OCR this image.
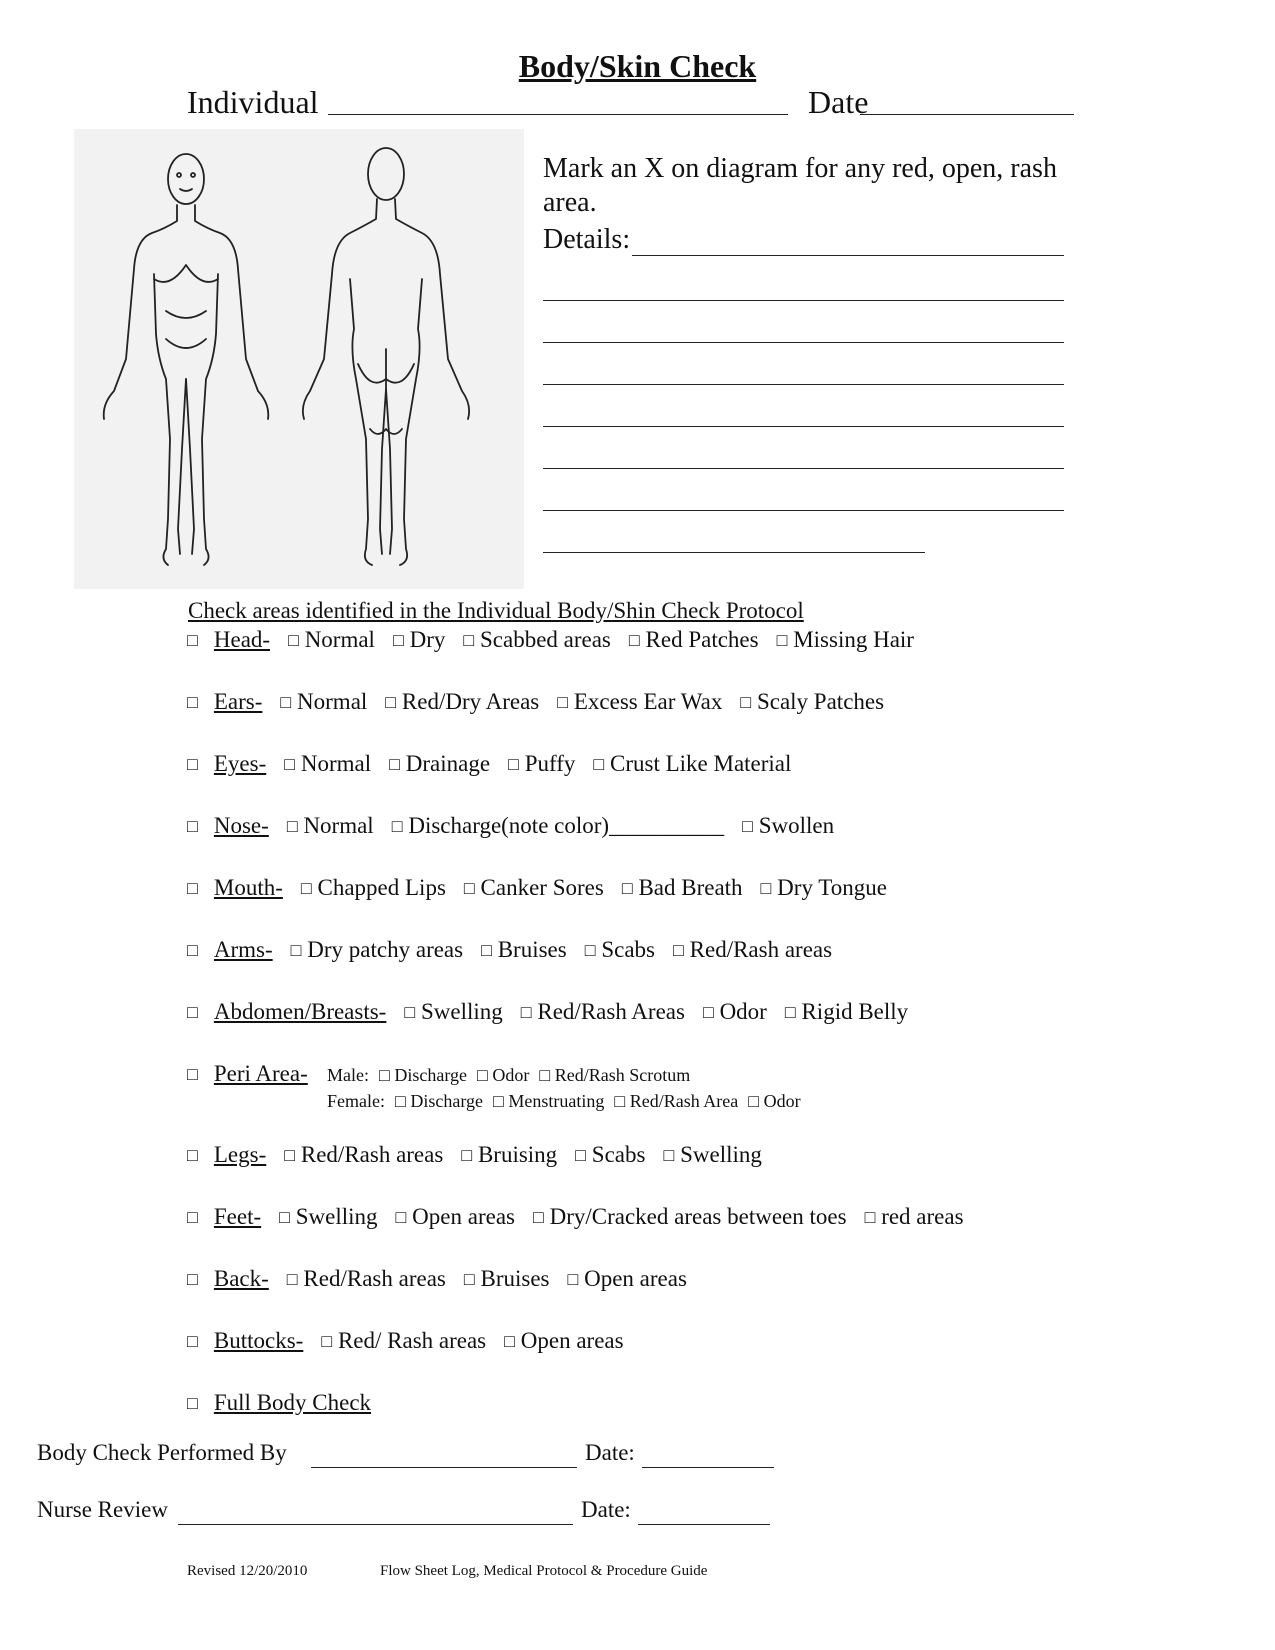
Body/Skin Check
Individual	Date
Mark an X on diagram for any red, open, rash area.
Details:
Check areas identified in the Individual Body/Shin Check Protocol
□ Head- □ Normal □ Dry □ Scabbed areas □ Red Patches □ Missing Hair
□ Ears- □ Normal □ Red/Dry Areas □ Excess Ear Wax □ Scaly Patches
□ Eyes- □ Normal □ Drainage □ Puffy □ Crust Like Material
□ Nose- □ Normal □ Discharge(note color)__________ □ Swollen
□ Mouth- □ Chapped Lips □ Canker Sores □ Bad Breath □ Dry Tongue
□ Arms- □ Dry patchy areas □ Bruises □ Scabs □ Red/Rash areas
□ Abdomen/Breasts- □ Swelling □ Red/Rash Areas □ Odor □ Rigid Belly
□ Peri Area- Male: □ Discharge □ Odor □ Red/Rash Scrotum
Female: □ Discharge □ Menstruating □ Red/Rash Area □ Odor
□ Legs- □ Red/Rash areas □ Bruising □ Scabs □ Swelling
□ Feet- □ Swelling □ Open areas □ Dry/Cracked areas between toes □ red areas
□ Back- □ Red/Rash areas □ Bruises □ Open areas
□ Buttocks- □ Red/ Rash areas □ Open areas
□ Full Body Check
Body Check Performed By	Date:
Nurse Review	Date:
Revised 12/20/2010	Flow Sheet Log, Medical Protocol & Procedure Guide
